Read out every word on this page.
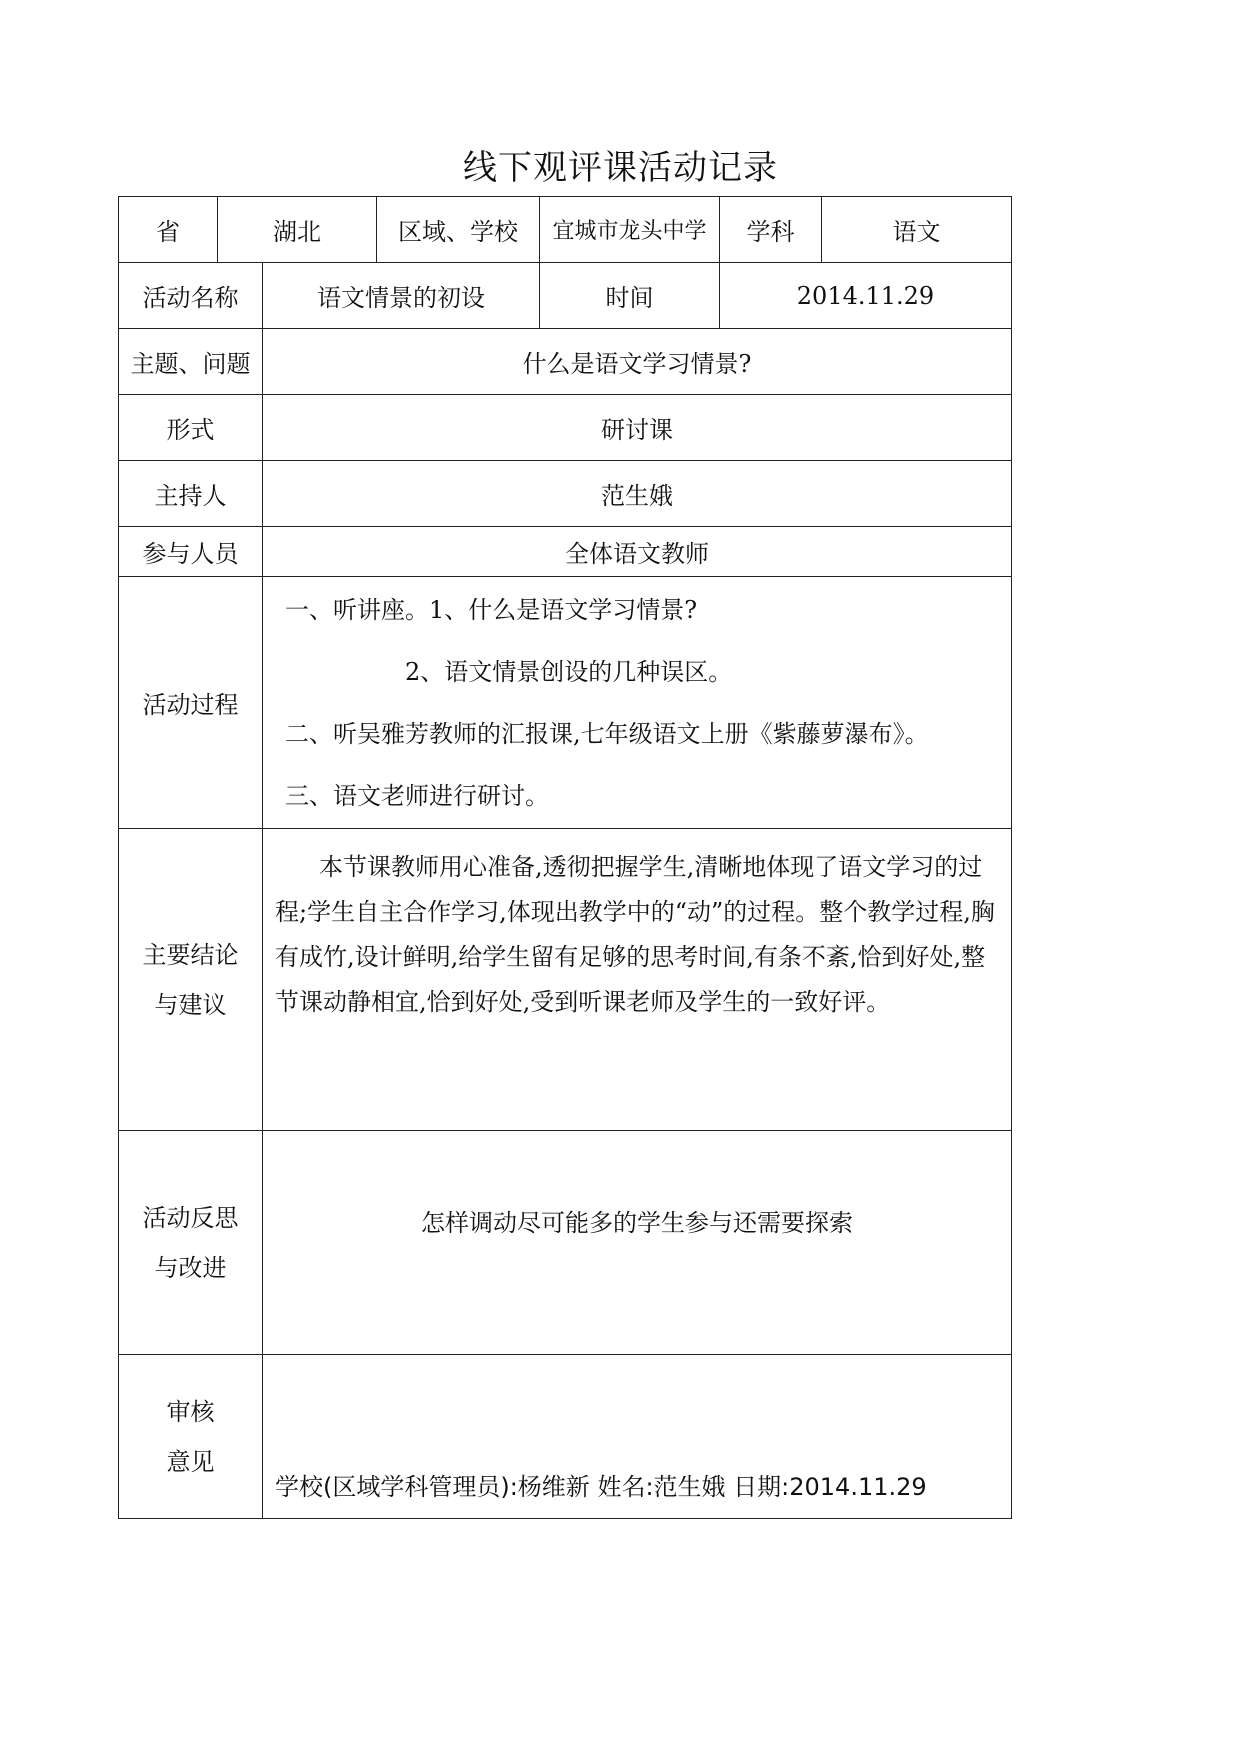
线下观评课活动记录
省	湖北		区域、学校	宜城市龙头中学	学科	语文
活动名称		语文情景的初设		时间	2014.11.29	
主题、问题		什么是语文学习情景?				
形式		研讨课				
主持人		范生娥				
参与人员		全体语文教师				
活动过程		一、听讲座。1、什么是语文学习情景?

2、语文情景创设的几种误区。

二、听吴雅芳教师的汇报课,七年级语文上册《紫藤萝瀑布》。

三、语文老师进行研讨。				

主要结论
与建议		本节课教师用心准备,透彻把握学生,清晰地体现了语文学习的过程;学生自主合作学习,体现出教学中的“动”的过程。整个教学过程,胸有成竹,设计鲜明,给学生留有足够的思考时间,有条不紊,恰到好处,整节课动静相宜,恰到好处,受到听课老师及学生的一致好评。				

活动反思
与改进		怎样调动尽可能多的学生参与还需要探索				

审核
意见		学校(区域学科管理员):杨维新 姓名:范生娥 日期:2014.11.29				
